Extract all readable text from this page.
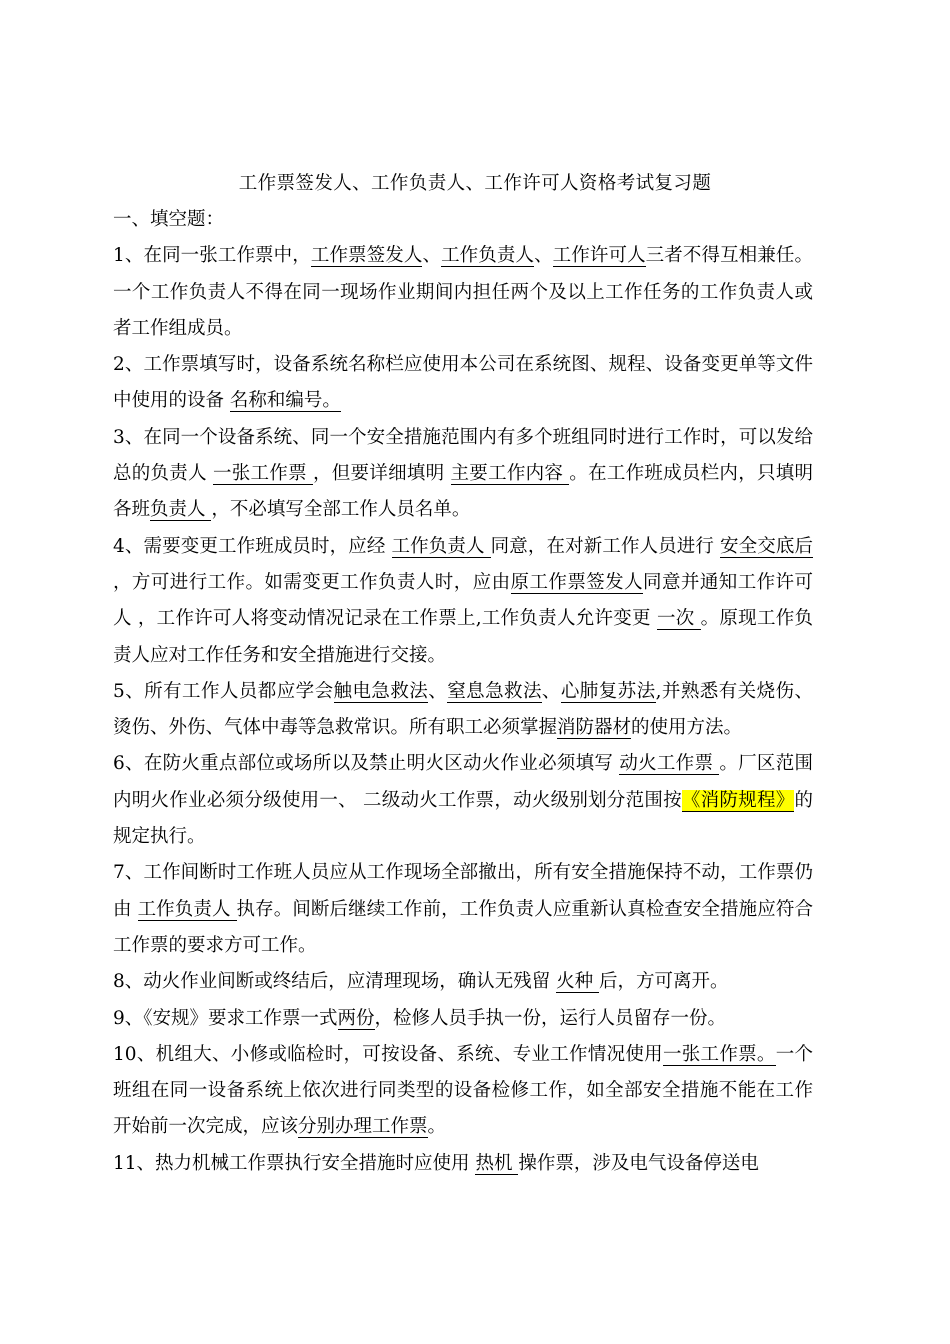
工作票签发人、工作负责人、工作许可人资格考试复习题

一、填空题：

1、在同一张工作票中，工作票签发人、工作负责人、工作许可人三者不得互相兼任。一个工作负责人不得在同一现场作业期间内担任两个及以上工作任务的工作负责人或者工作组成员。

2、工作票填写时，设备系统名称栏应使用本公司在系统图、规程、设备变更单等文件中使用的设备 名称和编号。

3、在同一个设备系统、同一个安全措施范围内有多个班组同时进行工作时，可以发给总的负责人 一张工作票 ，但要详细填明 主要工作内容 。在工作班成员栏内，只填明各班负责人 ，不必填写全部工作人员名单。

4、需要变更工作班成员时，应经 工作负责人 同意，在对新工作人员进行 安全交底后 ，方可进行工作。如需变更工作负责人时，应由原工作票签发人同意并通知工作许可人 ，工作许可人将变动情况记录在工作票上,工作负责人允许变更 一次 。原现工作负责人应对工作任务和安全措施进行交接。

5、所有工作人员都应学会触电急救法、窒息急救法、心肺复苏法,并熟悉有关烧伤、烫伤、外伤、气体中毒等急救常识。所有职工必须掌握消防器材的使用方法。

6、在防火重点部位或场所以及禁止明火区动火作业必须填写 动火工作票 。厂区范围内明火作业必须分级使用一、 二级动火工作票，动火级别划分范围按《消防规程》的规定执行。

7、工作间断时工作班人员应从工作现场全部撤出，所有安全措施保持不动，工作票仍由 工作负责人 执存。间断后继续工作前，工作负责人应重新认真检查安全措施应符合工作票的要求方可工作。

8、动火作业间断或终结后，应清理现场，确认无残留 火种 后，方可离开。

9、《安规》要求工作票一式两份，检修人员手执一份，运行人员留存一份。

10、机组大、小修或临检时，可按设备、系统、专业工作情况使用一张工作票。一个班组在同一设备系统上依次进行同类型的设备检修工作，如全部安全措施不能在工作开始前一次完成，应该分别办理工作票。

11、热力机械工作票执行安全措施时应使用 热机 操作票，涉及电气设备停送电
